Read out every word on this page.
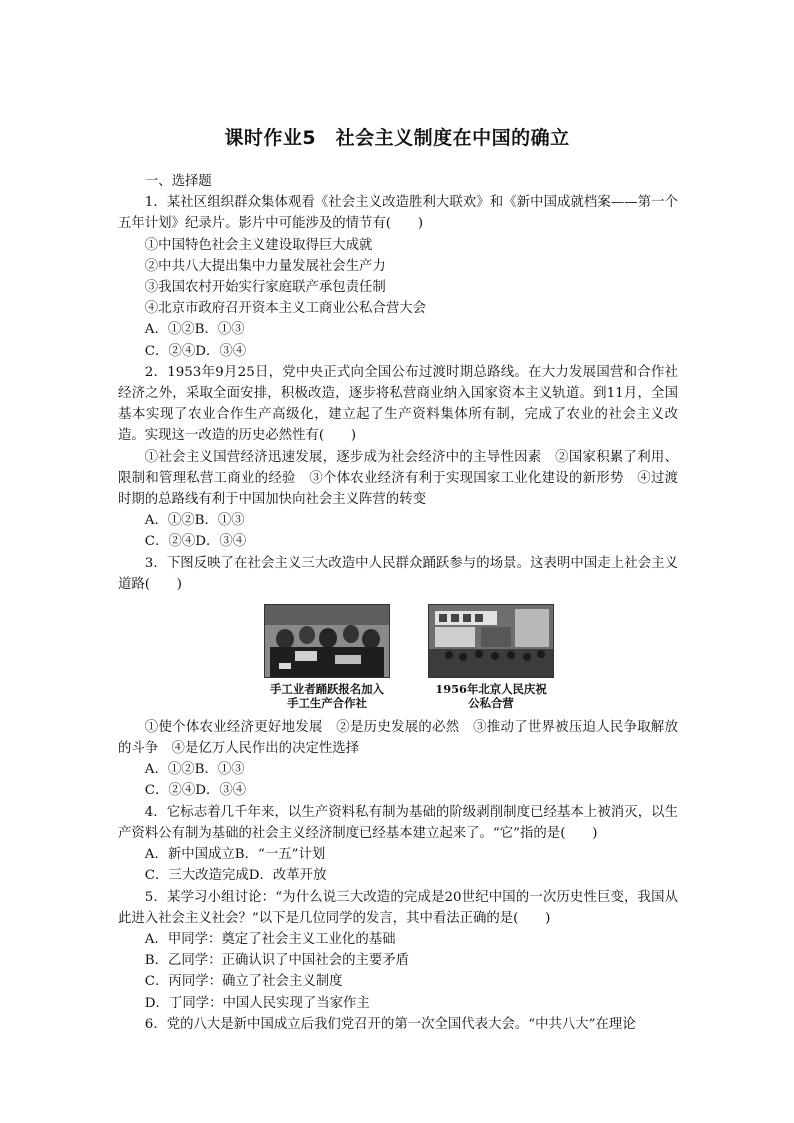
课时作业5　社会主义制度在中国的确立

一、选择题

1．某社区组织群众集体观看《社会主义改造胜利大联欢》和《新中国成就档案——第一个五年计划》纪录片。影片中可能涉及的情节有(　　)

①中国特色社会主义建设取得巨大成就

②中共八大提出集中力量发展社会生产力

③我国农村开始实行家庭联产承包责任制

④北京市政府召开资本主义工商业公私合营大会

A．①②B．①③

C．②④D．③④

2．1953年9月25日，党中央正式向全国公布过渡时期总路线。在大力发展国营和合作社经济之外，采取全面安排，积极改造，逐步将私营商业纳入国家资本主义轨道。到11月，全国基本实现了农业合作生产高级化，建立起了生产资料集体所有制，完成了农业的社会主义改造。实现这一改造的历史必然性有(　　)

①社会主义国营经济迅速发展，逐步成为社会经济中的主导性因素　②国家积累了利用、限制和管理私营工商业的经验　③个体农业经济有利于实现国家工业化建设的新形势　④过渡时期的总路线有利于中国加快向社会主义阵营的转变

A．①②B．①③

C．②④D．③④

3．下图反映了在社会主义三大改造中人民群众踊跃参与的场景。这表明中国走上社会主义道路(　　)

手工业者踊跃报名加入
手工生产合作社
1956年北京人民庆祝
公私合营

①使个体农业经济更好地发展　②是历史发展的必然　③推动了世界被压迫人民争取解放的斗争　④是亿万人民作出的决定性选择

A．①②B．①③

C．②④D．③④

4．它标志着几千年来，以生产资料私有制为基础的阶级剥削制度已经基本上被消灭，以生产资料公有制为基础的社会主义经济制度已经基本建立起来了。“它”指的是(　　)

A．新中国成立B．“一五”计划

C．三大改造完成D．改革开放

5．某学习小组讨论：“为什么说三大改造的完成是20世纪中国的一次历史性巨变，我国从此进入社会主义社会？”以下是几位同学的发言，其中看法正确的是(　　)

A．甲同学：奠定了社会主义工业化的基础

B．乙同学：正确认识了中国社会的主要矛盾

C．丙同学：确立了社会主义制度

D．丁同学：中国人民实现了当家作主

6．党的八大是新中国成立后我们党召开的第一次全国代表大会。“中共八大”在理论
